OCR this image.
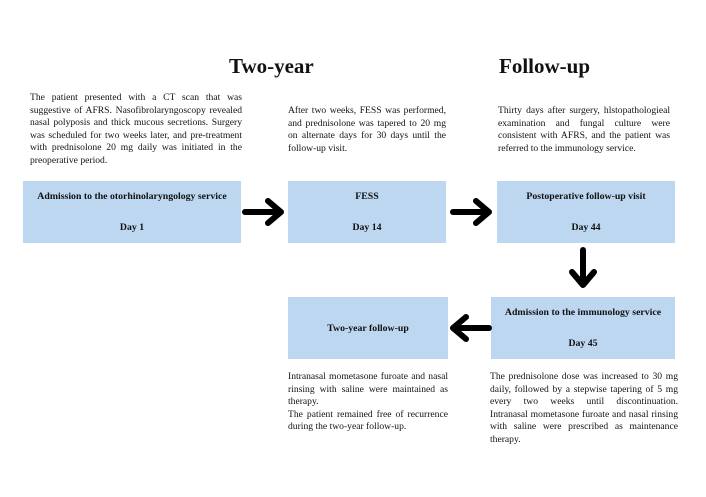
Two-year	Follow-up

The patient presented with a CT scan that was suggestive of AFRS. Nasofibrolaryngoscopy revealed nasal polyposis and thick mucous secretions. Surgery was scheduled for two weeks later, and pre-treatment with prednisolone 20 mg daily was initiated in the preoperative period.

After two weeks, FESS was performed, and prednisolone was tapered to 20 mg on alternate days for 30 days until the follow-up visit.

Thirty days after surgery, hlstopathologieal examination and fungal culture were consistent with AFRS, and the patient was referred to the immunology service.

Admission to the otorhinolaryngology service
Day 1
FESS
Day 14
Postoperative follow-up visit
Day 44
Admission to the immunology service
Day 45
Two-year follow-up

Intranasal mometasone furoate and nasal rinsing with saline were maintained as therapy.

The patient remained free of recurrence during the two-year follow-up.

The prednisolone dose was increased to 30 mg daily, followed by a stepwise tapering of 5 mg every two weeks until discontinuation. Intranasal mometasone furoate and nasal rinsing with saline were prescribed as maintenance therapy.
